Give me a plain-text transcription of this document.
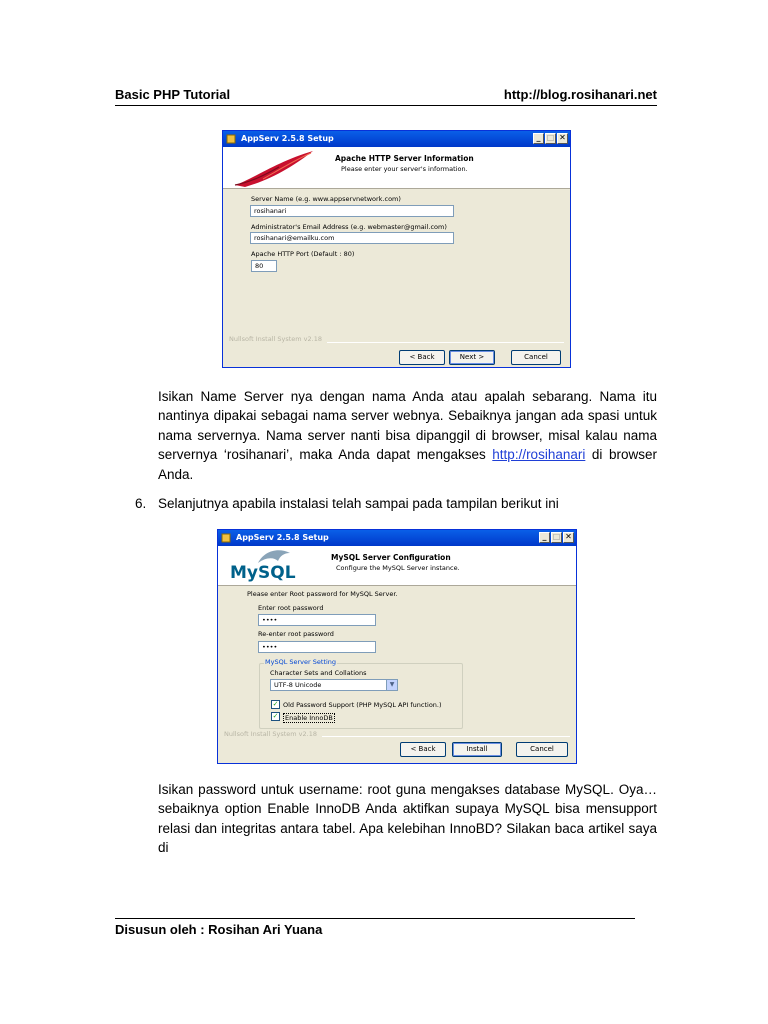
Basic PHP Tutorial	http://blog.rosihanari.net
AppServ 2.5.8 Setup	_ □ ✕
Apache HTTP Server Information
Please enter your server's information.
Server Name (e.g. www.appservnetwork.com)
rosihanari
Administrator's Email Address (e.g. webmaster@gmail.com)
rosihanari@emailku.com
Apache HTTP Port (Default : 80)
80
Nullsoft Install System v2.18
< Back	Next >	Cancel

Isikan Name Server nya dengan nama Anda atau apalah sebarang. Nama itu nantinya dipakai sebagai nama server webnya. Sebaiknya jangan ada spasi untuk nama servernya. Nama server nanti bisa dipanggil di browser, misal kalau nama servernya ‘rosihanari’, maka Anda dapat mengakses http://rosihanari di browser Anda.

6. Selanjutnya apabila instalasi telah sampai pada tampilan berikut ini
AppServ 2.5.8 Setup	_ □ ✕
MySQL
MySQL Server Configuration
Configure the MySQL Server instance.
Please enter Root password for MySQL Server.
Enter root password
••••
Re-enter root password
••••
MySQL Server Setting
Character Sets and Collations
UTF-8 Unicode	▼
✓ Old Password Support (PHP MySQL API function.)
✓	Enable InnoDB
Nullsoft Install System v2.18
< Back	Install	Cancel

Isikan password untuk username: root guna mengakses database MySQL. Oya… sebaiknya option Enable InnoDB Anda aktifkan supaya MySQL bisa mensupport relasi dan integritas antara tabel. Apa kelebihan InnoBD? Silakan baca artikel saya di

Disusun oleh : Rosihan Ari Yuana
